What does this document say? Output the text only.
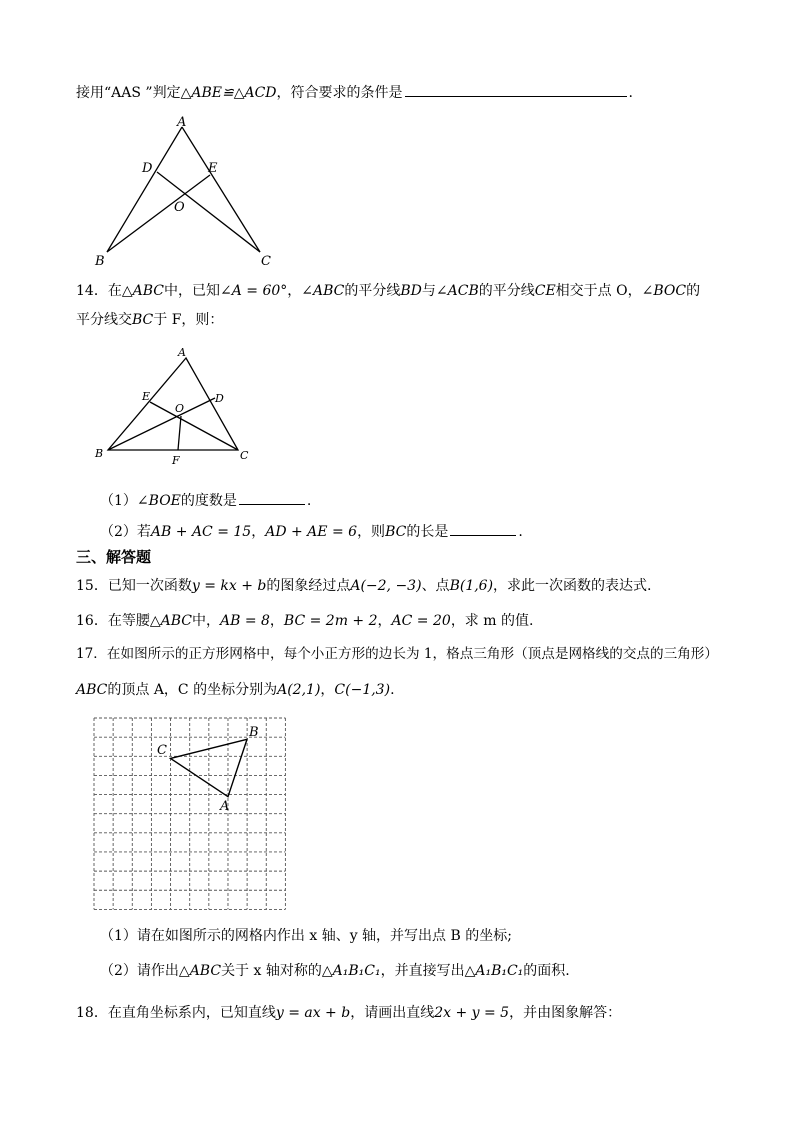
接用“AAS ”判定△ABE≌△ACD，符合要求的条件是	.
A
D	E
O
B	C
14．在△ABC中，已知∠A = 60°，∠ABC的平分线BD与∠ACB的平分线CE相交于点 O，∠BOC的
平分线交BC于 F，则：
A
E	D
O
B
F	C
（1）∠BOE的度数是	.
（2）若AB + AC = 15，AD + AE = 6，则BC的长是	.
三、解答题
15．已知一次函数y = kx + b的图象经过点A(−2, −3)、点B(1,6)，求此一次函数的表达式.
16．在等腰△ABC中，AB = 8，BC = 2m + 2，AC = 20，求 m 的值.
17．在如图所示的正方形网格中，每个小正方形的边长为 1，格点三角形（顶点是网格线的交点的三角形）
ABC的顶点 A，C 的坐标分别为A(2,1)，C(−1,3).
B
C
A
（1）请在如图所示的网格内作出 x 轴、y 轴，并写出点 B 的坐标;
（2）请作出△ABC关于 x 轴对称的△A₁B₁C₁，并直接写出△A₁B₁C₁的面积.
18．在直角坐标系内，已知直线y = ax + b，请画出直线2x + y = 5，并由图象解答：
